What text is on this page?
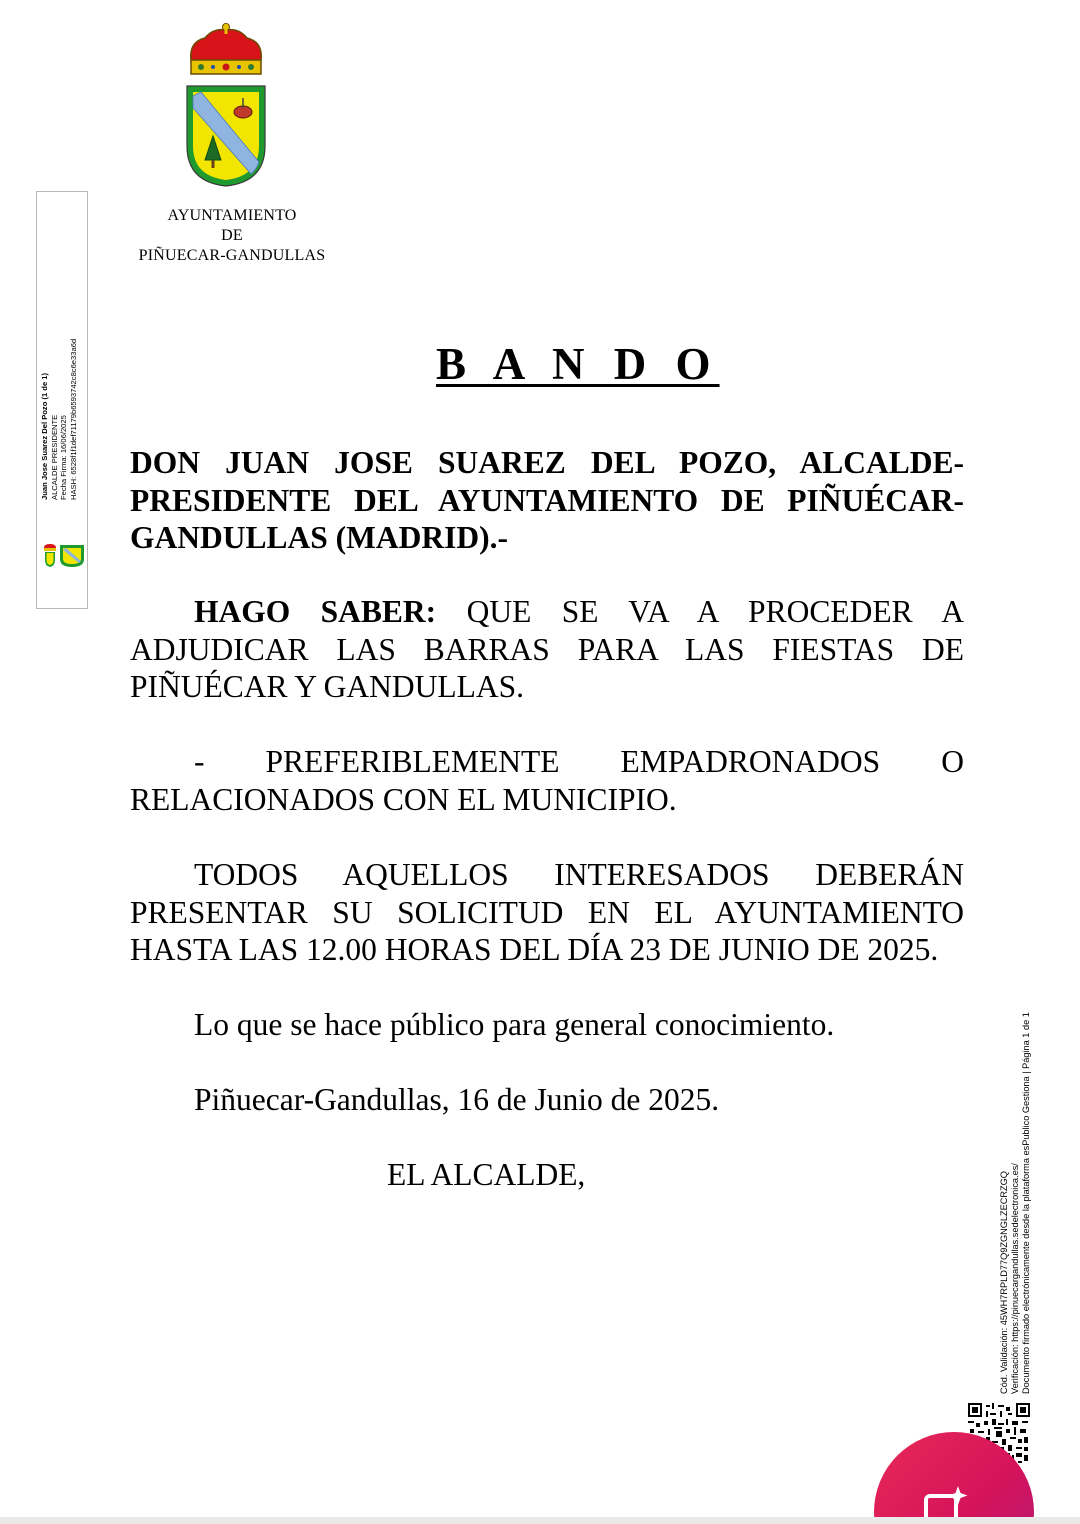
AYUNTAMIENTO
DE
PIÑUECAR-GANDULLAS
Juan Jose Suarez Del Pozo (1 de 1) ALCALDE PRESIDENTE Fecha Firma: 16/06/2025 HASH: 6528f1f1def71179b6593742c8c6e33a6d	B A N D O
DON JUAN JOSE SUAREZ DEL POZO, ALCALDE-PRESIDENTE DEL AYUNTAMIENTO DE PIÑUÉCAR-GANDULLAS (MADRID).-
HAGO SABER: QUE SE VA A PROCEDER A ADJUDICAR LAS BARRAS PARA LAS FIESTAS DE PIÑUÉCAR Y GANDULLAS.
- PREFERIBLEMENTE EMPADRONADOS O
RELACIONADOS CON EL MUNICIPIO.
TODOS AQUELLOS INTERESADOS DEBERÁN PRESENTAR SU SOLICITUD EN EL AYUNTAMIENTO HASTA LAS 12.00 HORAS DEL DÍA 23 DE JUNIO DE 2025.
Lo que se hace público para general conocimiento.
Piñuecar-Gandullas, 16 de Junio de 2025.
EL ALCALDE,	Cód. Validación: 45WH7RPLD77Q9ZGNGLZECRZGQ Verificación: https://pinuecargandullas.sedelectronica.es/ Documento firmado electrónicamente desde la plataforma esPublico Gestiona | Página 1 de 1
